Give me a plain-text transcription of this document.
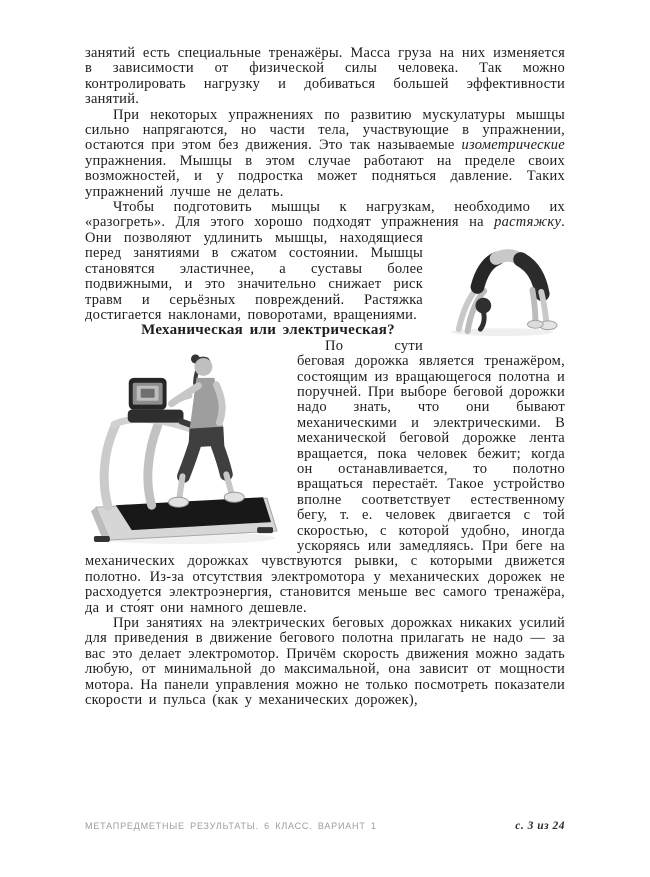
занятий есть специальные тренажёры. Масса груза на них изменяется в зависимости от физической силы человека. Так можно контролировать нагрузку и добиваться большей эффективности занятий.

При некоторых упражнениях по развитию мускулатуры мышцы сильно напрягаются, но части тела, участвующие в упражнении, остаются при этом без движения. Это так называемые изометрические упражнения. Мышцы в этом случае работают на пределе своих возможностей, и у подростка может подняться давление. Таких упражнений лучше не делать.

Чтобы подготовить мышцы к нагрузкам, необходимо их «разогреть». Для этого хорошо подходят упражнения на растяжку. Они позволяют удлинить мышцы, находящиеся перед занятиями в сжатом состоянии. Мышцы становятся эластичнее, а суставы более подвижными, и это значительно снижает риск травм и серьёзных повреждений. Растяжка достигается наклонами, поворотами, вращениями.

Механическая или электрическая?

По сути беговая дорожка является тренажёром, состоящим из вращающегося полотна и поручней. При выборе беговой дорожки надо знать, что они бывают механическими и электрическими. В механической беговой дорожке лента вращается, пока человек бежит; когда он останавливается, то полотно вращаться перестаёт. Такое устройство вполне соответствует естественному бегу, т. е. человек двигается с той скоростью, с которой удобно, иногда ускоряясь или замедляясь. При беге на механических дорожках чувствуются рывки, с которыми движется полотно. Из-за отсутствия электромотора у механических дорожек не расходуется электроэнергия, становится меньше вес самого тренажёра, да и сто́ят они намного дешевле.

При занятиях на электрических беговых дорожках никаких усилий для приведения в движение бегового полотна прилагать не надо — за вас это делает электромотор. Причём скорость движения можно задать любую, от минимальной до максимальной, она зависит от мощности мотора. На панели управления можно не только посмотреть показатели скорости и пульса (как у механических дорожек),

МЕТАПРЕДМЕТНЫЕ РЕЗУЛЬТАТЫ. 6 КЛАСС. ВАРИАНТ 1	с. 3 из 24
